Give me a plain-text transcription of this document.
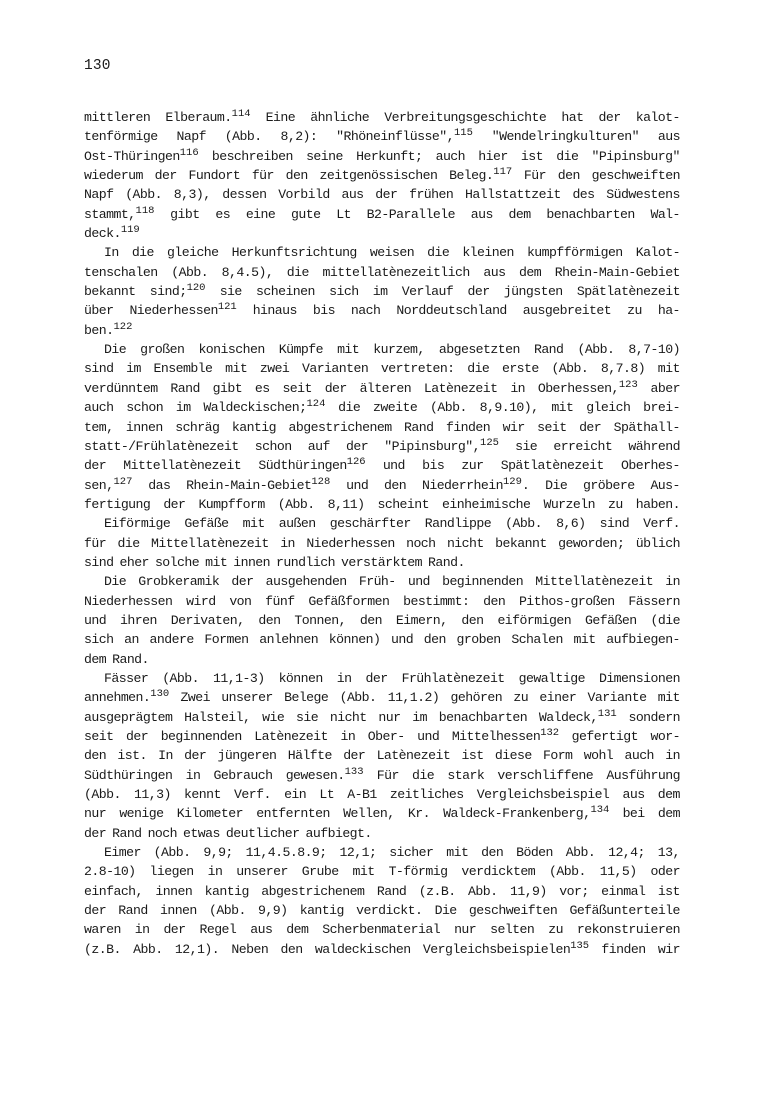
130
mittleren Elberaum.$^{114}$ Eine ähnliche Verbreitungsgeschichte hat der kalot-
tenförmige Napf (Abb. 8,2): "Rhöneinflüsse",$^{115}$ "Wendelringkulturen" aus
Ost-Thüringen$^{116}$ beschreiben seine Herkunft; auch hier ist die "Pipinsburg"
wiederum der Fundort für den zeitgenössischen Beleg.$^{117}$ Für den geschweiften
Napf (Abb. 8,3), dessen Vorbild aus der frühen Hallstattzeit des Südwestens
stammt,$^{118}$ gibt es eine gute Lt B2-Parallele aus dem benachbarten Wal-
deck.$^{119}$
In die gleiche Herkunftsrichtung weisen die kleinen kumpfförmigen Kalot-
tenschalen (Abb. 8,4.5), die mittellatènezeitlich aus dem Rhein-Main-Gebiet
bekannt sind;$^{120}$ sie scheinen sich im Verlauf der jüngsten Spätlatènezeit
über Niederhessen$^{121}$ hinaus bis nach Norddeutschland ausgebreitet zu ha-
ben.$^{122}$
Die großen konischen Kümpfe mit kurzem, abgesetzten Rand (Abb. 8,7-10)
sind im Ensemble mit zwei Varianten vertreten: die erste (Abb. 8,7.8) mit
verdünntem Rand gibt es seit der älteren Latènezeit in Oberhessen,$^{123}$ aber
auch schon im Waldeckischen;$^{124}$ die zweite (Abb. 8,9.10), mit gleich brei-
tem, innen schräg kantig abgestrichenem Rand finden wir seit der Späthall-
statt-/Frühlatènezeit schon auf der "Pipinsburg",$^{125}$ sie erreicht während
der Mittellatènezeit Südthüringen$^{126}$ und bis zur Spätlatènezeit Oberhes-
sen,$^{127}$ das Rhein-Main-Gebiet$^{128}$ und den Niederrhein$^{129}$. Die gröbere Aus-
fertigung der Kumpfform (Abb. 8,11) scheint einheimische Wurzeln zu haben.
Eiförmige Gefäße mit außen geschärfter Randlippe (Abb. 8,6) sind Verf.
für die Mittellatènezeit in Niederhessen noch nicht bekannt geworden; üblich
sind eher solche mit innen rundlich verstärktem Rand.
Die Grobkeramik der ausgehenden Früh- und beginnenden Mittellatènezeit in
Niederhessen wird von fünf Gefäßformen bestimmt: den Pithos-großen Fässern
und ihren Derivaten, den Tonnen, den Eimern, den eiförmigen Gefäßen (die
sich an andere Formen anlehnen können) und den groben Schalen mit aufbiegen-
dem Rand.
Fässer (Abb. 11,1-3) können in der Frühlatènezeit gewaltige Dimensionen
annehmen.$^{130}$ Zwei unserer Belege (Abb. 11,1.2) gehören zu einer Variante mit
ausgeprägtem Halsteil, wie sie nicht nur im benachbarten Waldeck,$^{131}$ sondern
seit der beginnenden Latènezeit in Ober- und Mittelhessen$^{132}$ gefertigt wor-
den ist. In der jüngeren Hälfte der Latènezeit ist diese Form wohl auch in
Südthüringen in Gebrauch gewesen.$^{133}$ Für die stark verschliffene Ausführung
(Abb. 11,3) kennt Verf. ein Lt A-B1 zeitliches Vergleichsbeispiel aus dem
nur wenige Kilometer entfernten Wellen, Kr. Waldeck-Frankenberg,$^{134}$ bei dem
der Rand noch etwas deutlicher aufbiegt.
Eimer (Abb. 9,9; 11,4.5.8.9; 12,1; sicher mit den Böden Abb. 12,4; 13,
2.8-10) liegen in unserer Grube mit T-förmig verdicktem (Abb. 11,5) oder
einfach, innen kantig abgestrichenem Rand (z.B. Abb. 11,9) vor; einmal ist
der Rand innen (Abb. 9,9) kantig verdickt. Die geschweiften Gefäßunterteile
waren in der Regel aus dem Scherbenmaterial nur selten zu rekonstruieren
(z.B. Abb. 12,1). Neben den waldeckischen Vergleichsbeispielen$^{135}$ finden wir
